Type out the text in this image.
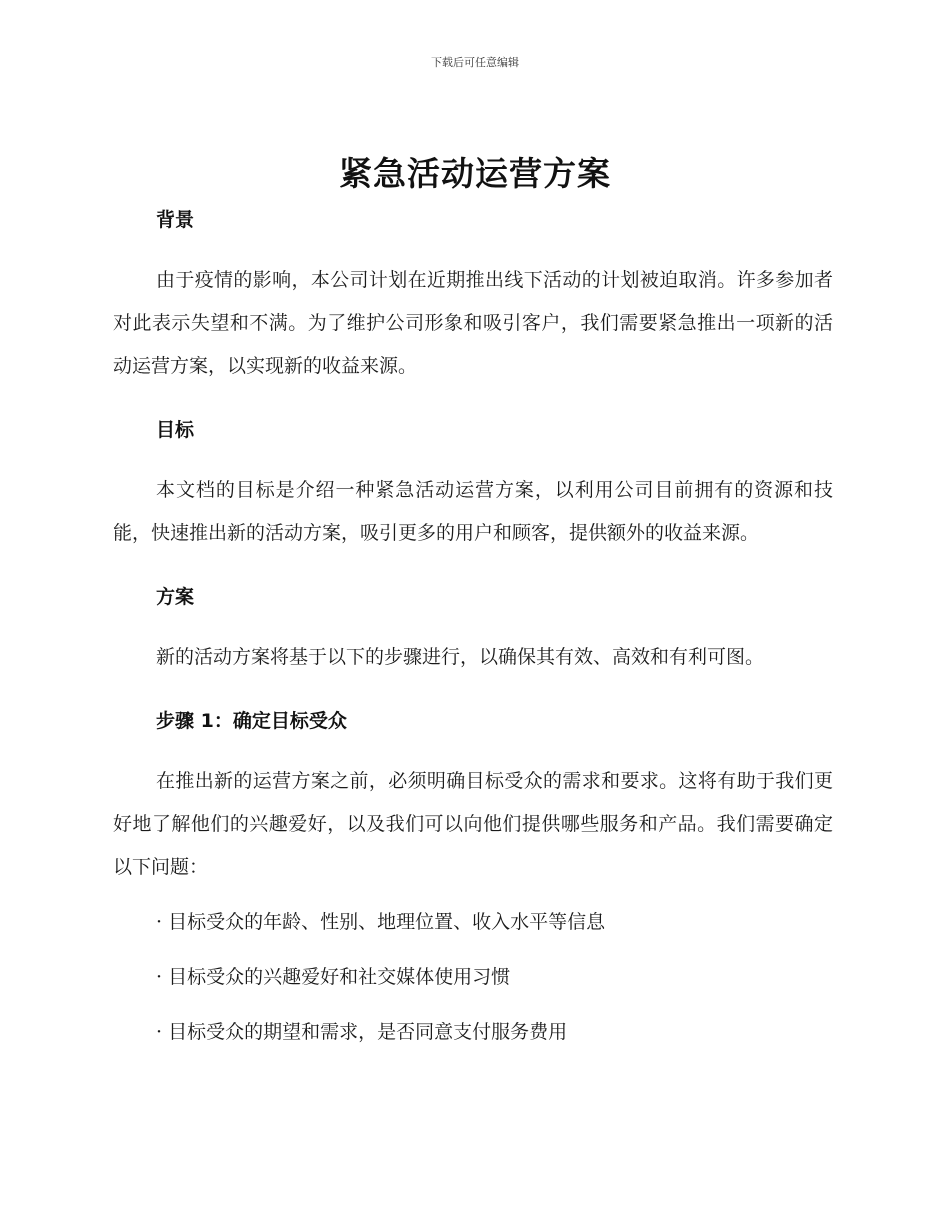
下载后可任意编辑
紧急活动运营方案
背景

由于疫情的影响，本公司计划在近期推出线下活动的计划被迫取消。许多参加者对此表示失望和不满。为了维护公司形象和吸引客户，我们需要紧急推出一项新的活动运营方案，以实现新的收益来源。

目标

本文档的目标是介绍一种紧急活动运营方案，以利用公司目前拥有的资源和技能，快速推出新的活动方案，吸引更多的用户和顾客，提供额外的收益来源。

方案

新的活动方案将基于以下的步骤进行，以确保其有效、高效和有利可图。

步骤 1：确定目标受众

在推出新的运营方案之前，必须明确目标受众的需求和要求。这将有助于我们更好地了解他们的兴趣爱好，以及我们可以向他们提供哪些服务和产品。我们需要确定以下问题：

· 目标受众的年龄、性别、地理位置、收入水平等信息

· 目标受众的兴趣爱好和社交媒体使用习惯

· 目标受众的期望和需求，是否同意支付服务费用
